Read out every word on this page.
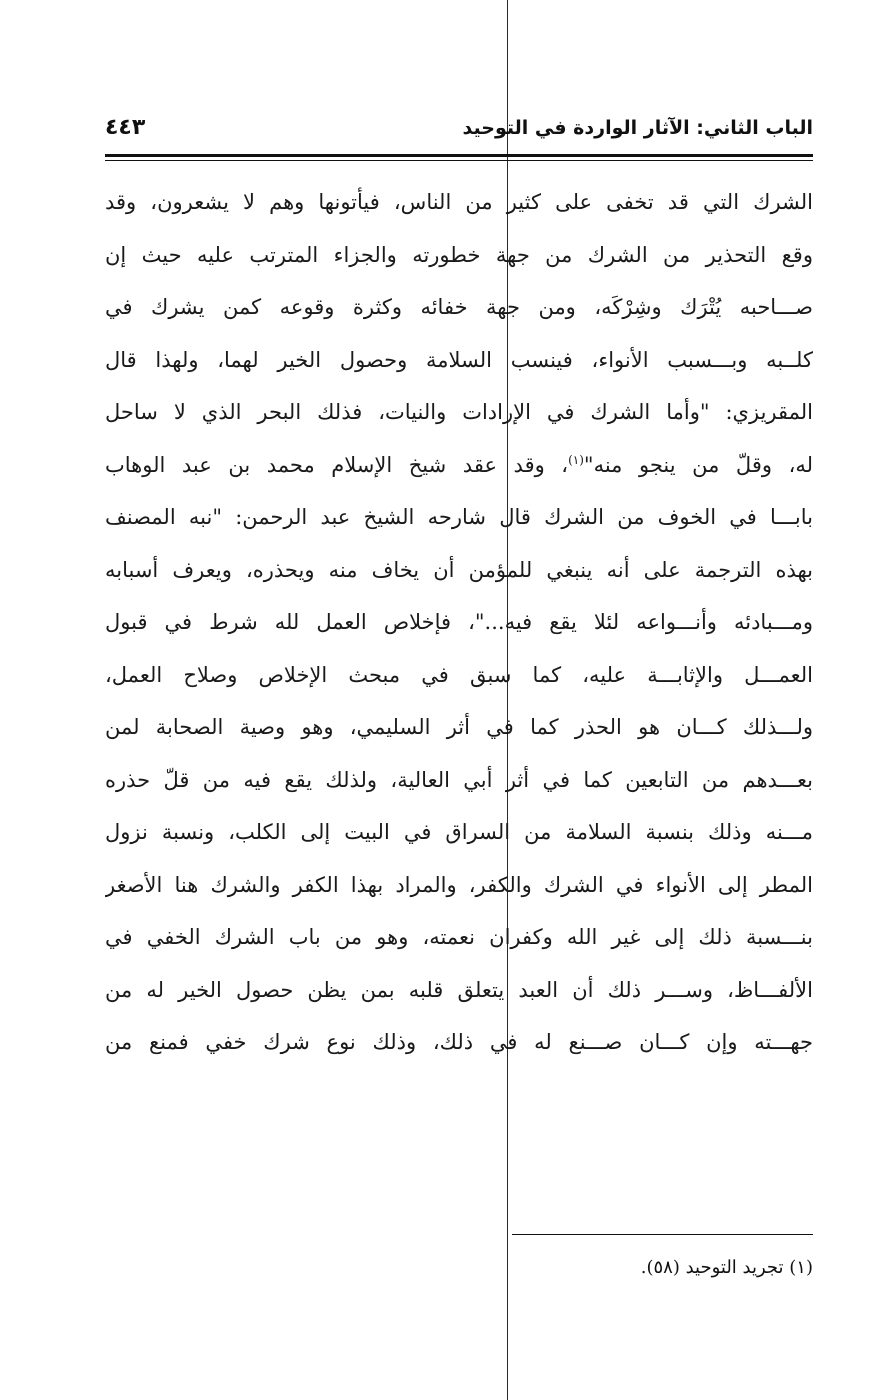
الباب الثاني: الآثار الواردة في التوحيد
٤٤٣
الشرك التي قد تخفى على كثير من الناس، فيأتونها وهم لا يشعرون، وقد
وقع التحذير من الشرك من جهة خطورته والجزاء المترتب عليه حيث إن
صـــاحبه يُتْرَك وشِرْكَه، ومن جهة خفائه وكثرة وقوعه كمن يشرك في
كلــبه وبـــسبب الأنواء، فينسب السلامة وحصول الخير لهما، ولهذا قال
المقريزي: "وأما الشرك في الإرادات والنيات، فذلك البحر الذي لا ساحل
له، وقلّ من ينجو منه"$^{(١)}$، وقد عقد شيخ الإسلام محمد بن عبد الوهاب
بابـــا في الخوف من الشرك قال شارحه الشيخ عبد الرحمن: "نبه المصنف
بهذه الترجمة على أنه ينبغي للمؤمن أن يخاف منه ويحذره، ويعرف أسبابه
ومـــبادئه وأنـــواعه لئلا يقع فيه..."، فإخلاص العمل لله شرط في قبول
العمـــل والإثابـــة عليه، كما سبق في مبحث الإخلاص وصلاح العمل،
ولـــذلك كـــان هو الحذر كما في أثر السليمي، وهو وصية الصحابة لمن
بعـــدهم من التابعين كما في أثر أبي العالية، ولذلك يقع فيه من قلّ حذره
مـــنه وذلك بنسبة السلامة من السراق في البيت إلى الكلب، ونسبة نزول
المطر إلى الأنواء في الشرك والكفر، والمراد بهذا الكفر والشرك هنا الأصغر
بنـــسبة ذلك إلى غير الله وكفران نعمته، وهو من باب الشرك الخفي في
الألفـــاظ، وســـر ذلك أن العبد يتعلق قلبه بمن يظن حصول الخير له من
جهـــته وإن كـــان صـــنع له في ذلك، وذلك نوع شرك خفي فمنع من
(١) تجريد التوحيد (٥٨).
